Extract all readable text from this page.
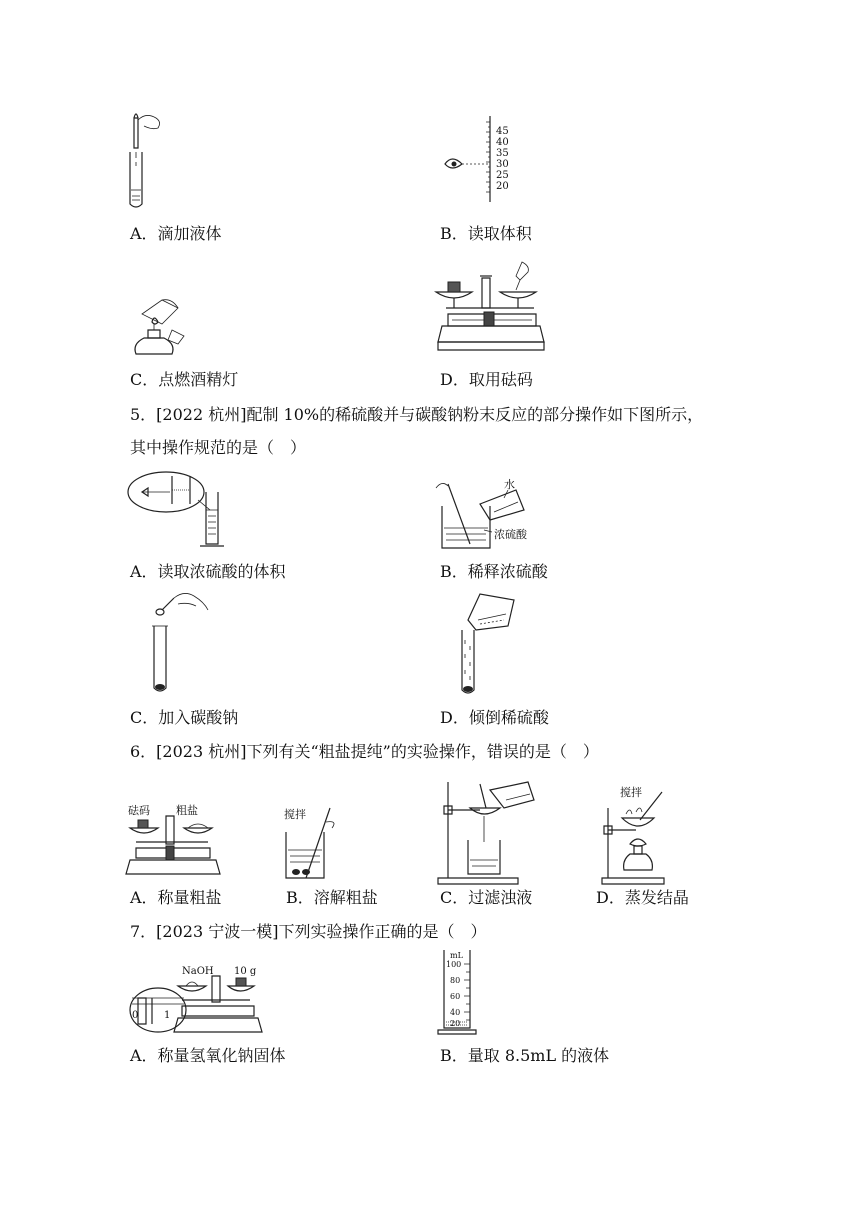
45
40
35
30
25
20
A．滴加液体	B．读取体积
C．点燃酒精灯	D．取用砝码
5．[2022 杭州]配制 10%的稀硫酸并与碳酸钠粉末反应的部分操作如下图所示，
其中操作规范的是（　）
水
浓硫酸
A．读取浓硫酸的体积	B．稀释浓硫酸
C．加入碳酸钠	D．倾倒稀硫酸
6．[2023 杭州]下列有关“粗盐提纯”的实验操作，错误的是（　）
砝码 粗盐	搅拌
搅拌
A．称量粗盐	B．溶解粗盐	C．过滤浊液	D．蒸发结晶
7．[2023 宁波一模]下列实验操作正确的是（　）
NaOH 10 g
0	1
mL
100
80
60
40
20
A．称量氢氧化钠固体	B．量取 8.5mL 的液体
